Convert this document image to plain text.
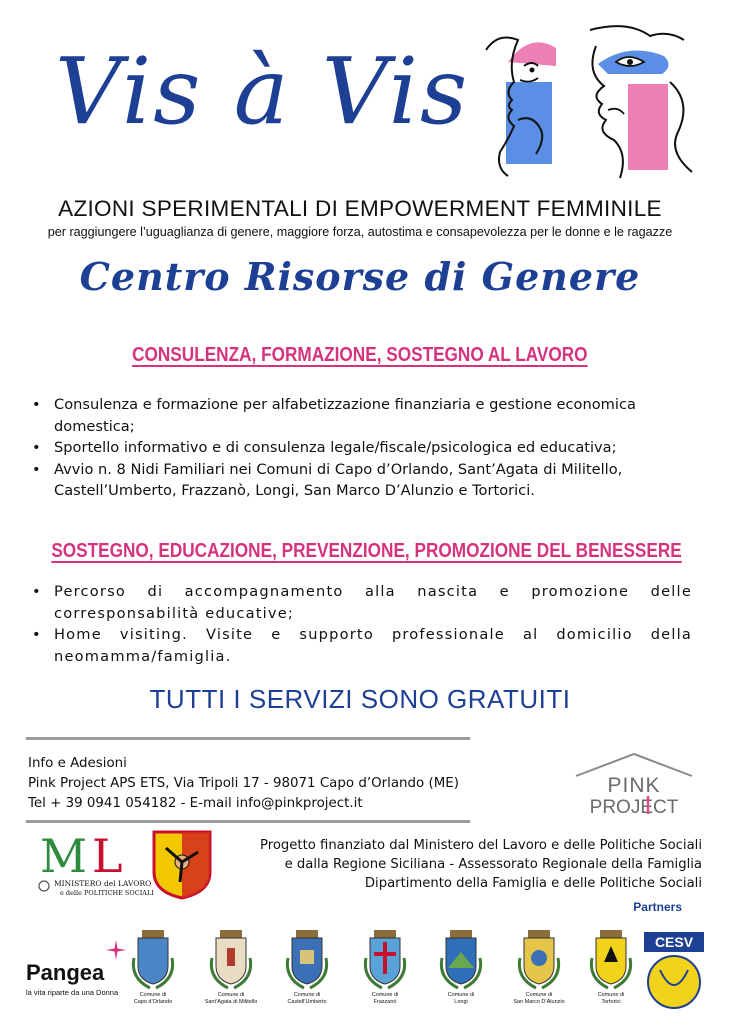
Vis à Vis
AZIONI SPERIMENTALI DI EMPOWERMENT FEMMINILE
per raggiungere l’uguaglianza di genere, maggiore forza, autostima e consapevolezza per le donne e le ragazze
Centro Risorse di Genere
CONSULENZA, FORMAZIONE, SOSTEGNO AL LAVORO
• Consulenza e formazione per alfabetizzazione finanziaria e gestione economica domestica;
• Sportello informativo e di consulenza legale/fiscale/psicologica ed educativa;
• Avvio n. 8 Nidi Familiari nei Comuni di Capo d’Orlando, Sant’Agata di Militello, Castell’Umberto, Frazzanò, Longi, San Marco D’Alunzio e Tortorici.
SOSTEGNO, EDUCAZIONE, PREVENZIONE, PROMOZIONE DEL BENESSERE
• Percorso di accompagnamento alla nascita e promozione delle corresponsabilità educative;
• Home visiting. Visite e supporto professionale al domicilio della neomamma/famiglia.
TUTTI I SERVIZI SONO GRATUITI
Info e Adesioni
Pink Project APS ETS, Via Tripoli 17 - 98071 Capo d’Orlando (ME)
Tel + 39 0941 054182 - E-mail info@pinkproject.it
PINK
PROJECT
M L
MINISTERO del LAVORO
e delle POLITICHE SOCIALI
Progetto finanziato dal Ministero del Lavoro e delle Politiche Sociali
e dalla Regione Siciliana - Assessorato Regionale della Famiglia
Dipartimento della Famiglia e delle Politiche Sociali
Partners
Pangea
la vita riparte da una Donna	Comune di
Capo d’Orlando
Comune di
Sant’Agata di Militello
Comune di
Castell’Umberto
Comune di
Frazzanò
Comune di
Longi
Comune di
San Marco D’Alunzio
Comune di
Tortorici
CESV
